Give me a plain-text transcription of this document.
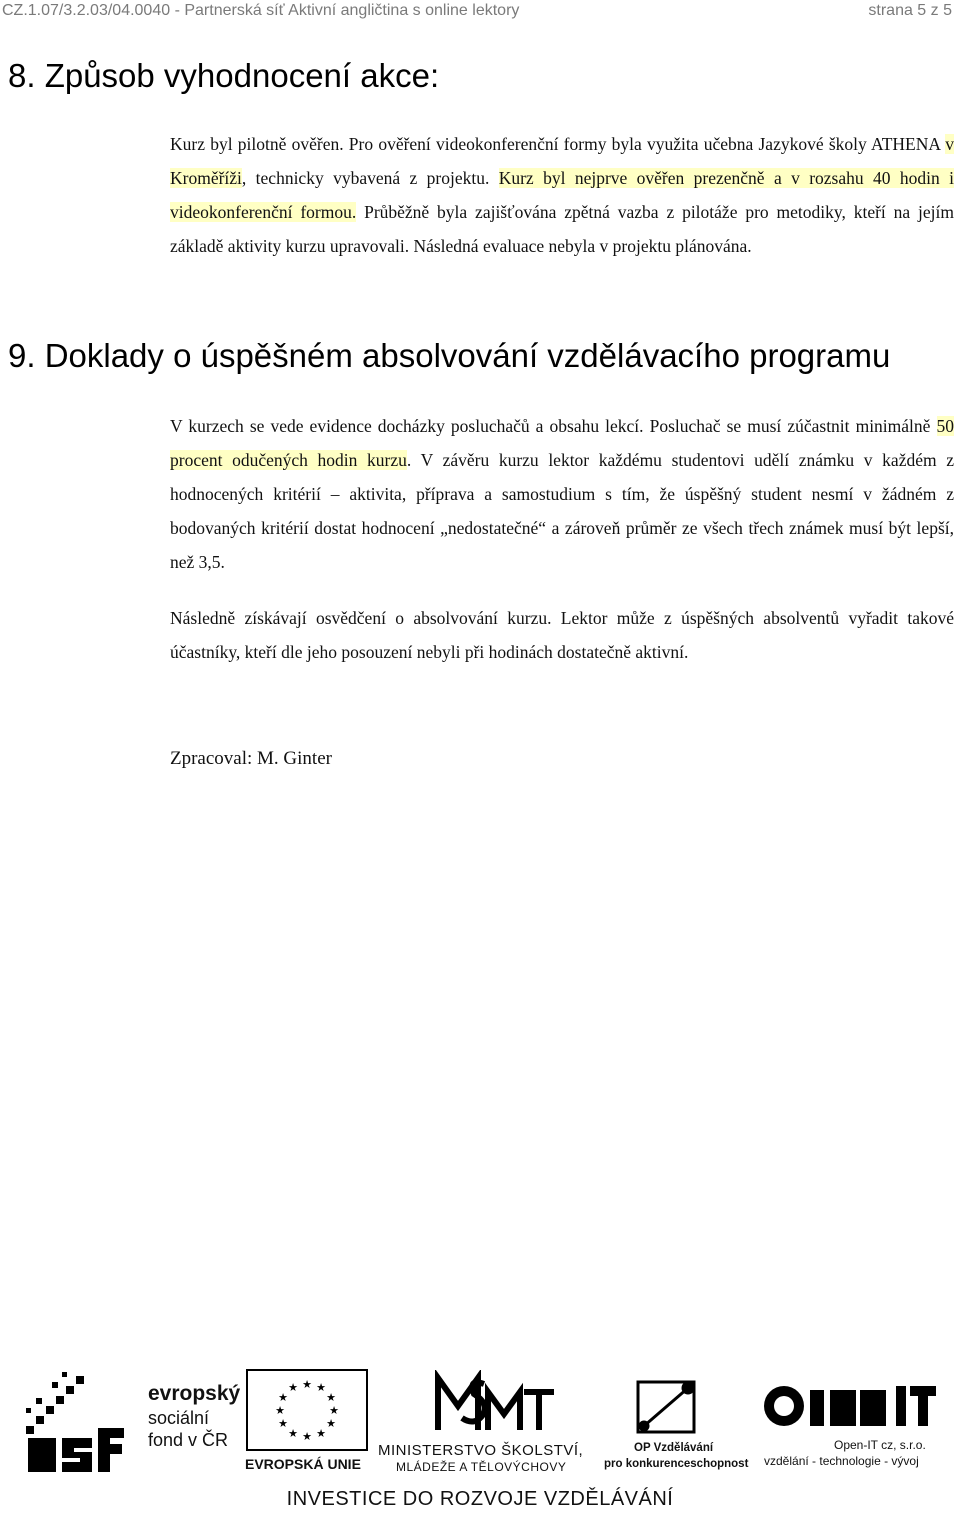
CZ.1.07/3.2.03/04.0040 - Partnerská síť Aktivní angličtina s online lektory	strana 5 z 5
8. Způsob vyhodnocení akce:

Kurz byl pilotně ověřen. Pro ověření videokonferenční formy byla využita učebna Jazykové školy ATHENA v Kroměříži, technicky vybavená z projektu. Kurz byl nejprve ověřen prezenčně a v rozsahu 40 hodin i videokonferenční formou. Průběžně byla zajišťována zpětná vazba z pilotáže pro metodiky, kteří na jejím základě aktivity kurzu upravovali. Následná evaluace nebyla v projektu plánována.

9. Doklady o úspěšném absolvování vzdělávacího programu

V kurzech se vede evidence docházky posluchačů a obsahu lekcí. Posluchač se musí zúčastnit minimálně 50 procent odučených hodin kurzu. V závěru kurzu lektor každému studentovi udělí známku v každém z hodnocených kritérií – aktivita, příprava a samostudium s tím, že úspěšný student nesmí v žádném z bodovaných kritérií dostat hodnocení „nedostatečné“ a zároveň průměr ze všech třech známek musí být lepší, než 3,5.

Následně získávají osvědčení o absolvování kurzu. Lektor může z úspěšných absolventů vyřadit takové účastníky, kteří dle jeho posouzení nebyli při hodinách dostatečně aktivní.

Zpracoval: M. Ginter

evropský
sociální
fond v ČR
★ ★
★
★
★
★
★
★
★
★
★
★
EVROPSKÁ UNIE
MINISTERSTVO ŠKOLSTVÍ,
MLÁDEŽE A TĚLOVÝCHOVY
OP Vzdělávání
pro konkurenceschopnost
Open-IT cz, s.r.o.
vzdělání - technologie - vývoj
INVESTICE DO ROZVOJE VZDĚLÁVÁNÍ
